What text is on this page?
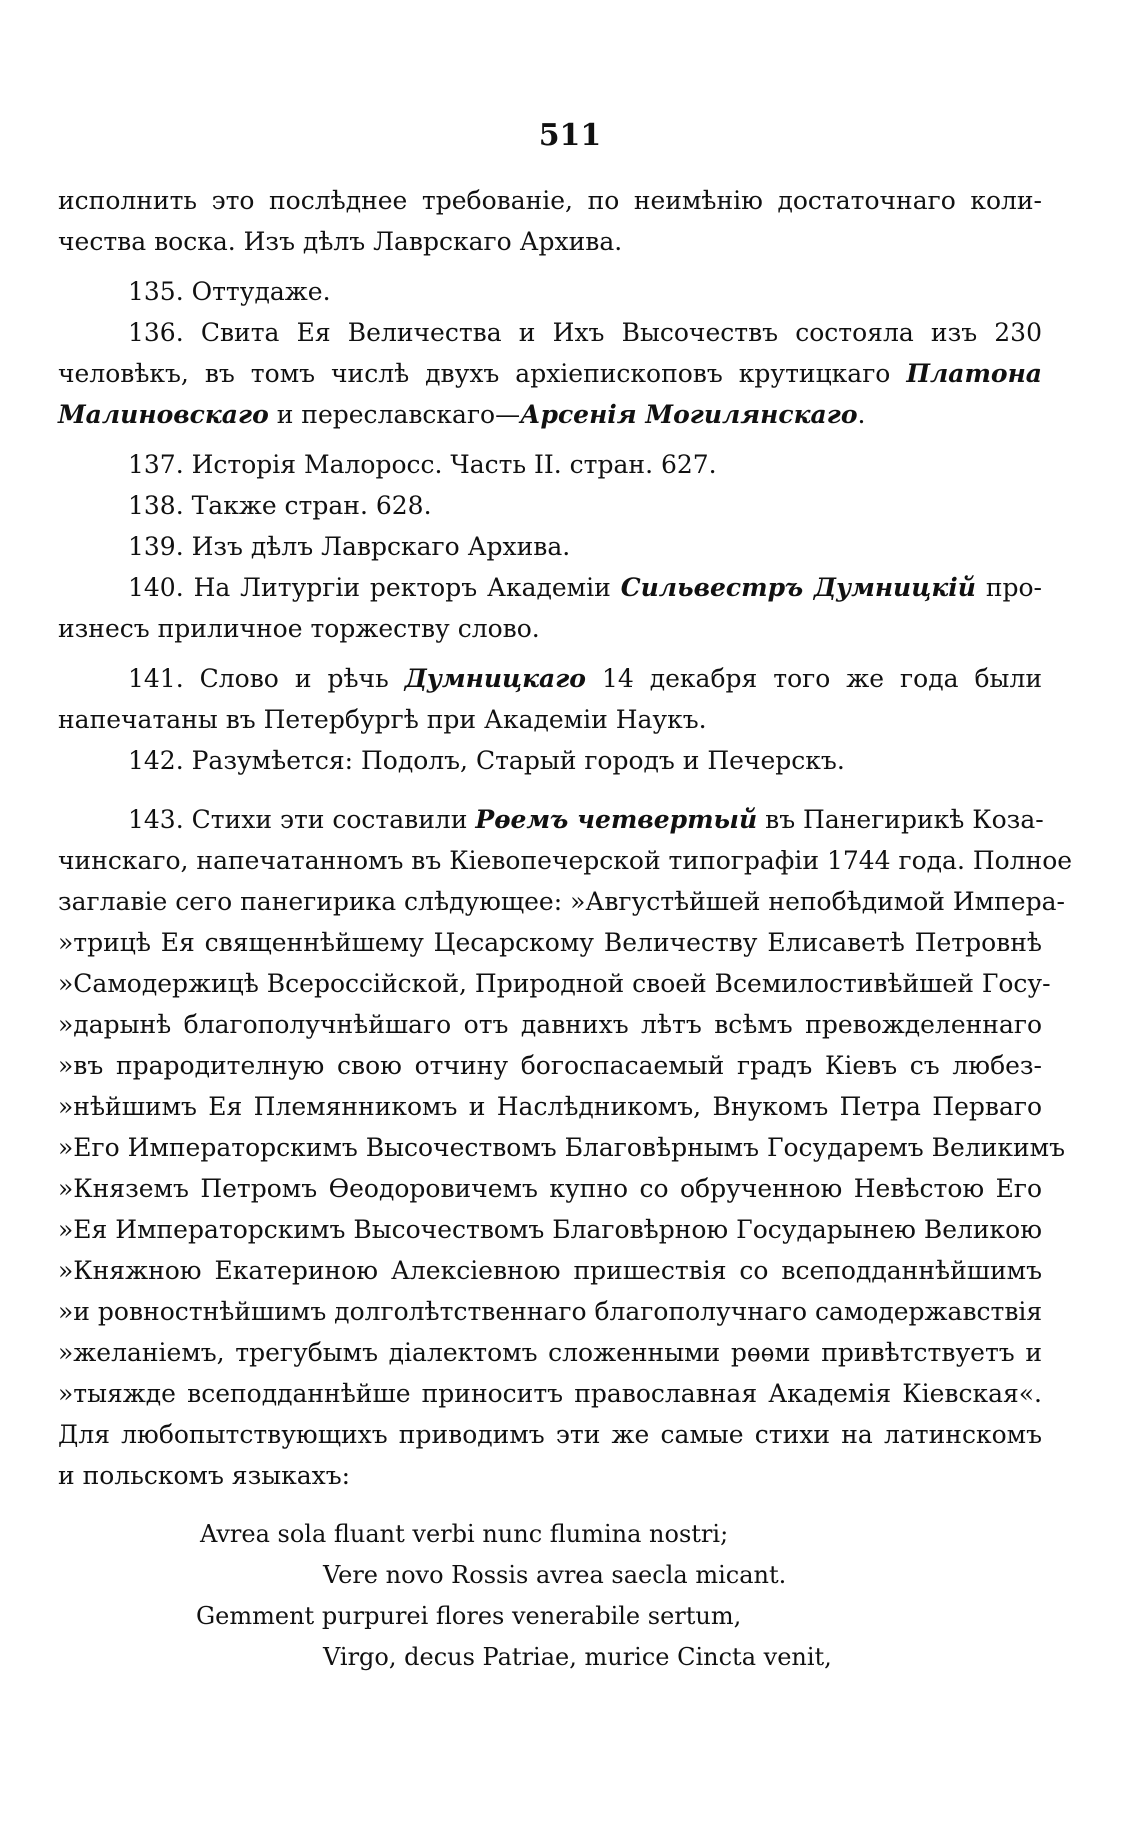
511
исполнить это послѣднее требованіе, по неимѣнію достаточнаго коли-
чества воска. Изъ дѣлъ Лаврскаго Архива.
135. Оттудаже.
136. Свита Ея Величества и Ихъ Высочествъ состояла изъ 230
человѣкъ, въ томъ числѣ двухъ архіепископовъ крутицкаго Платона
Малиновскаго и переславскаго—Арсенія Могилянскаго.
137. Исторія Малоросс. Часть II. стран. 627.
138. Также стран. 628.
139. Изъ дѣлъ Лаврскаго Архива.
140. На Литургіи ректоръ Академіи Сильвестръ Думницкій про-
изнесъ приличное торжеству слово.
141. Слово и рѣчь Думницкаго 14 декабря того же года были
напечатаны въ Петербургѣ при Академіи Наукъ.
142. Разумѣется: Подолъ, Старый городъ и Печерскъ.
143. Стихи эти составили Рѳемъ четвертый въ Панегирикѣ Коза-
чинскаго, напечатанномъ въ Кіевопечерской типографіи 1744 года. Полное
заглавіе сего панегирика слѣдующее: »Августѣйшей непобѣдимой Импера-
»трицѣ Ея священнѣйшему Цесарскому Величеству Елисаветѣ Петровнѣ
»Самодержицѣ Всероссійской, Природной своей Всемилостивѣйшей Госу-
»дарынѣ благополучнѣйшаго отъ давнихъ лѣтъ всѣмъ превожделеннаго
»въ прародителную свою отчину богоспасаемый градъ Кіевъ съ любез-
»нѣйшимъ Ея Племянникомъ и Наслѣдникомъ, Внукомъ Петра Перваго
»Его Императорскимъ Высочествомъ Благовѣрнымъ Государемъ Великимъ
»Княземъ Петромъ Ѳеодоровичемъ купно со обрученною Невѣстою Его
»Ея Императорскимъ Высочествомъ Благовѣрною Государынею Великою
»Княжною Екатериною Алексіевною пришествія со всеподданнѣйшимъ
»и ровностнѣйшимъ долголѣтственнаго благополучнаго самодержавствія
»желаніемъ, трегубымъ діалектомъ сложенными рѳѳми привѣтствуетъ и
»тыяжде всеподданнѣйше приноситъ православная Академія Кіевская«.
Для любопытствующихъ приводимъ эти же самые стихи на латинскомъ
и польскомъ языкахъ:
Avrea sola fluant verbi nunc flumina nostri;
Vere novo Rossis avrea saecla micant.
Gemment purpurei flores venerabile sertum,
Virgo, decus Patriae, murice Cincta venit,
